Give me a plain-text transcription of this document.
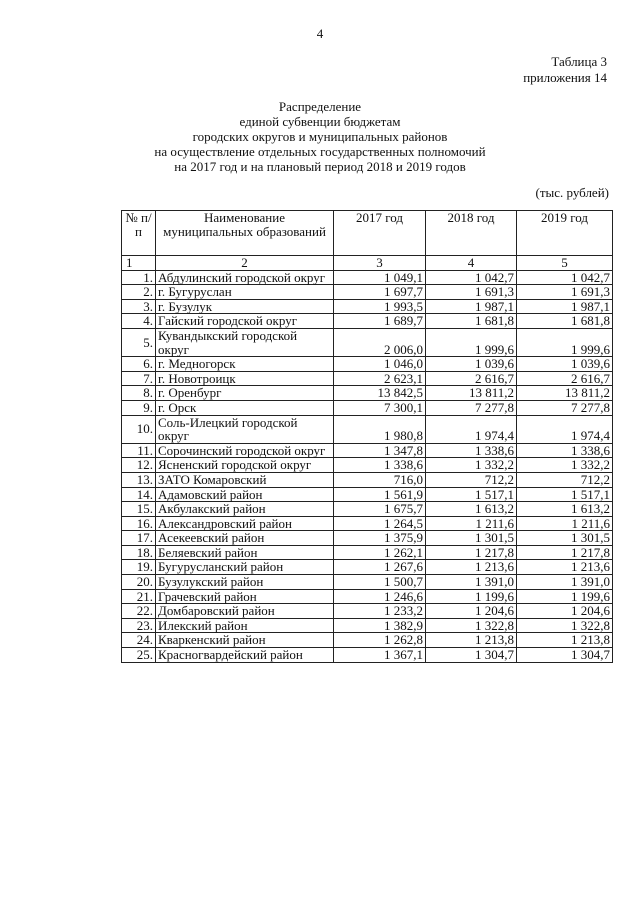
4
Таблица 3
приложения 14
Распределение
единой субвенции бюджетам
городских округов и муниципальных районов
на осуществление отдельных государственных полномочий
на 2017 год и на плановый период 2018 и 2019 годов
(тыс. рублей)
№ п/п	Наименование муниципальных образований	2017 год	2018 год	2019 год
1	2	3	4	5
1.	Абдулинский городской округ	1 049,1	1 042,7	1 042,7
2.	г. Бугуруслан	1 697,7	1 691,3	1 691,3
3.	г. Бузулук	1 993,5	1 987,1	1 987,1
4.	Гайский городской округ	1 689,7	1 681,8	1 681,8
5.	Кувандыкский городской округ	2 006,0	1 999,6	1 999,6
6.	г. Медногорск	1 046,0	1 039,6	1 039,6
7.	г. Новотроицк	2 623,1	2 616,7	2 616,7
8.	г. Оренбург	13 842,5	13 811,2	13 811,2
9.	г. Орск	7 300,1	7 277,8	7 277,8
10.	Соль-Илецкий городской округ	1 980,8	1 974,4	1 974,4
11.	Сорочинский городской округ	1 347,8	1 338,6	1 338,6
12.	Ясненский городской округ	1 338,6	1 332,2	1 332,2
13.	ЗАТО Комаровский	716,0	712,2	712,2
14.	Адамовский район	1 561,9	1 517,1	1 517,1
15.	Акбулакский район	1 675,7	1 613,2	1 613,2
16.	Александровский район	1 264,5	1 211,6	1 211,6
17.	Асекеевский район	1 375,9	1 301,5	1 301,5
18.	Беляевский район	1 262,1	1 217,8	1 217,8
19.	Бугурусланский район	1 267,6	1 213,6	1 213,6
20.	Бузулукский район	1 500,7	1 391,0	1 391,0
21.	Грачевский район	1 246,6	1 199,6	1 199,6
22.	Домбаровский район	1 233,2	1 204,6	1 204,6
23.	Илекский район	1 382,9	1 322,8	1 322,8
24.	Кваркенский район	1 262,8	1 213,8	1 213,8
25.	Красногвардейский район	1 367,1	1 304,7	1 304,7
